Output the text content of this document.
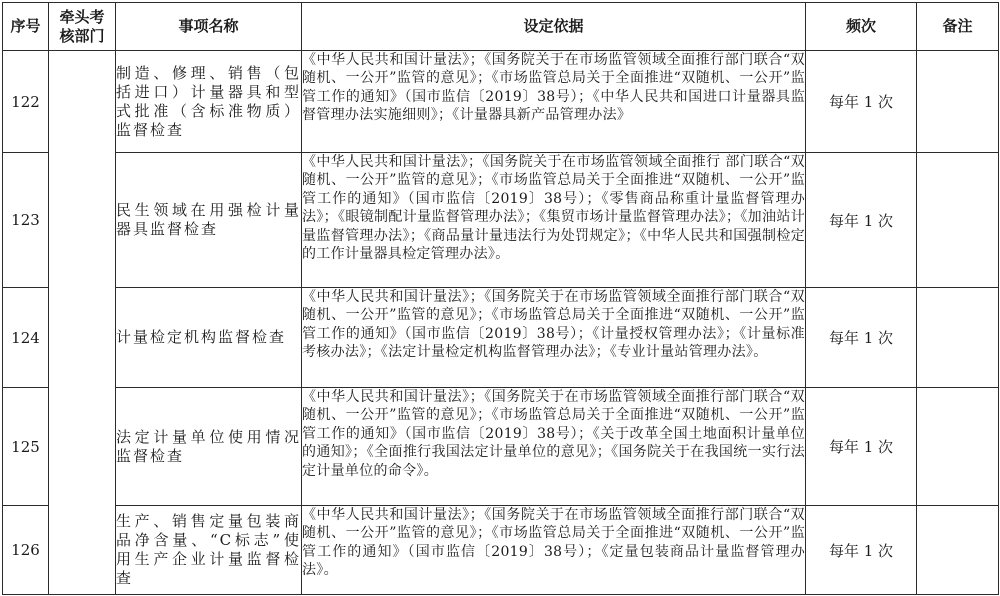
序号	牵头考核部门	事项名称	设定依据	频次	备注
122		制造、修理、销售（包括进口）计量器具和型式批准（含标准物质）监督检查	《中华人民共和国计量法》；《国务院关于在市场监管领域全面推行部门联合“双随机、一公开”监管的意见》；《市场监管总局关于全面推进“双随机、一公开”监管工作的通知》（国市监信〔2019〕38号）；《中华人民共和国进口计量器具监督管理办法实施细则》；《计量器具新产品管理办法》	每年 1 次	
123		民生领域在用强检计量器具监督检查	《中华人民共和国计量法》；《国务院关于在市场监管领域全面推行 部门联合“双随机、一公开”监管的意见》；《市场监管总局关于全面推进“双随机、一公开”监管工作的通知》（国市监信〔2019〕38号）；《零售商品称重计量监督管理办法》；《眼镜制配计量监督管理办法》；《集贸市场计量监督管理办法》；《加油站计量监督管理办法》；《商品量计量违法行为处罚规定》；《中华人民共和国强制检定的工作计量器具检定管理办法》。	每年 1 次	
124		计量检定机构监督检查	《中华人民共和国计量法》；《国务院关于在市场监管领域全面推行部门联合“双随机、一公开”监管的意见》；《市场监管总局关于全面推进“双随机、一公开”监管工作的通知》（国市监信〔2019〕38号）；《计量授权管理办法》；《计量标准考核办法》；《法定计量检定机构监督管理办法》；《专业计量站管理办法》。	每年 1 次	
125		法定计量单位使用情况监督检查	《中华人民共和国计量法》；《国务院关于在市场监管领域全面推行部门联合“双随机、一公开”监管的意见》；《市场监管总局关于全面推进“双随机、一公开”监管工作的通知》（国市监信〔2019〕38号）；《关于改革全国土地面积计量单位的通知》；《全面推行我国法定计量单位的意见》；《国务院关于在我国统一实行法定计量单位的命令》。	每年 1 次	
126		生产、销售定量包装商品净含量、“C标志”使用生产企业计量监督检查	《中华人民共和国计量法》；《国务院关于在市场监管领域全面推行部门联合“双随机、一公开”监管的意见》；《市场监管总局关于全面推进“双随机、一公开”监管工作的通知》（国市监信〔2019〕38号）；《定量包装商品计量监督管理办法》。	每年 1 次	
